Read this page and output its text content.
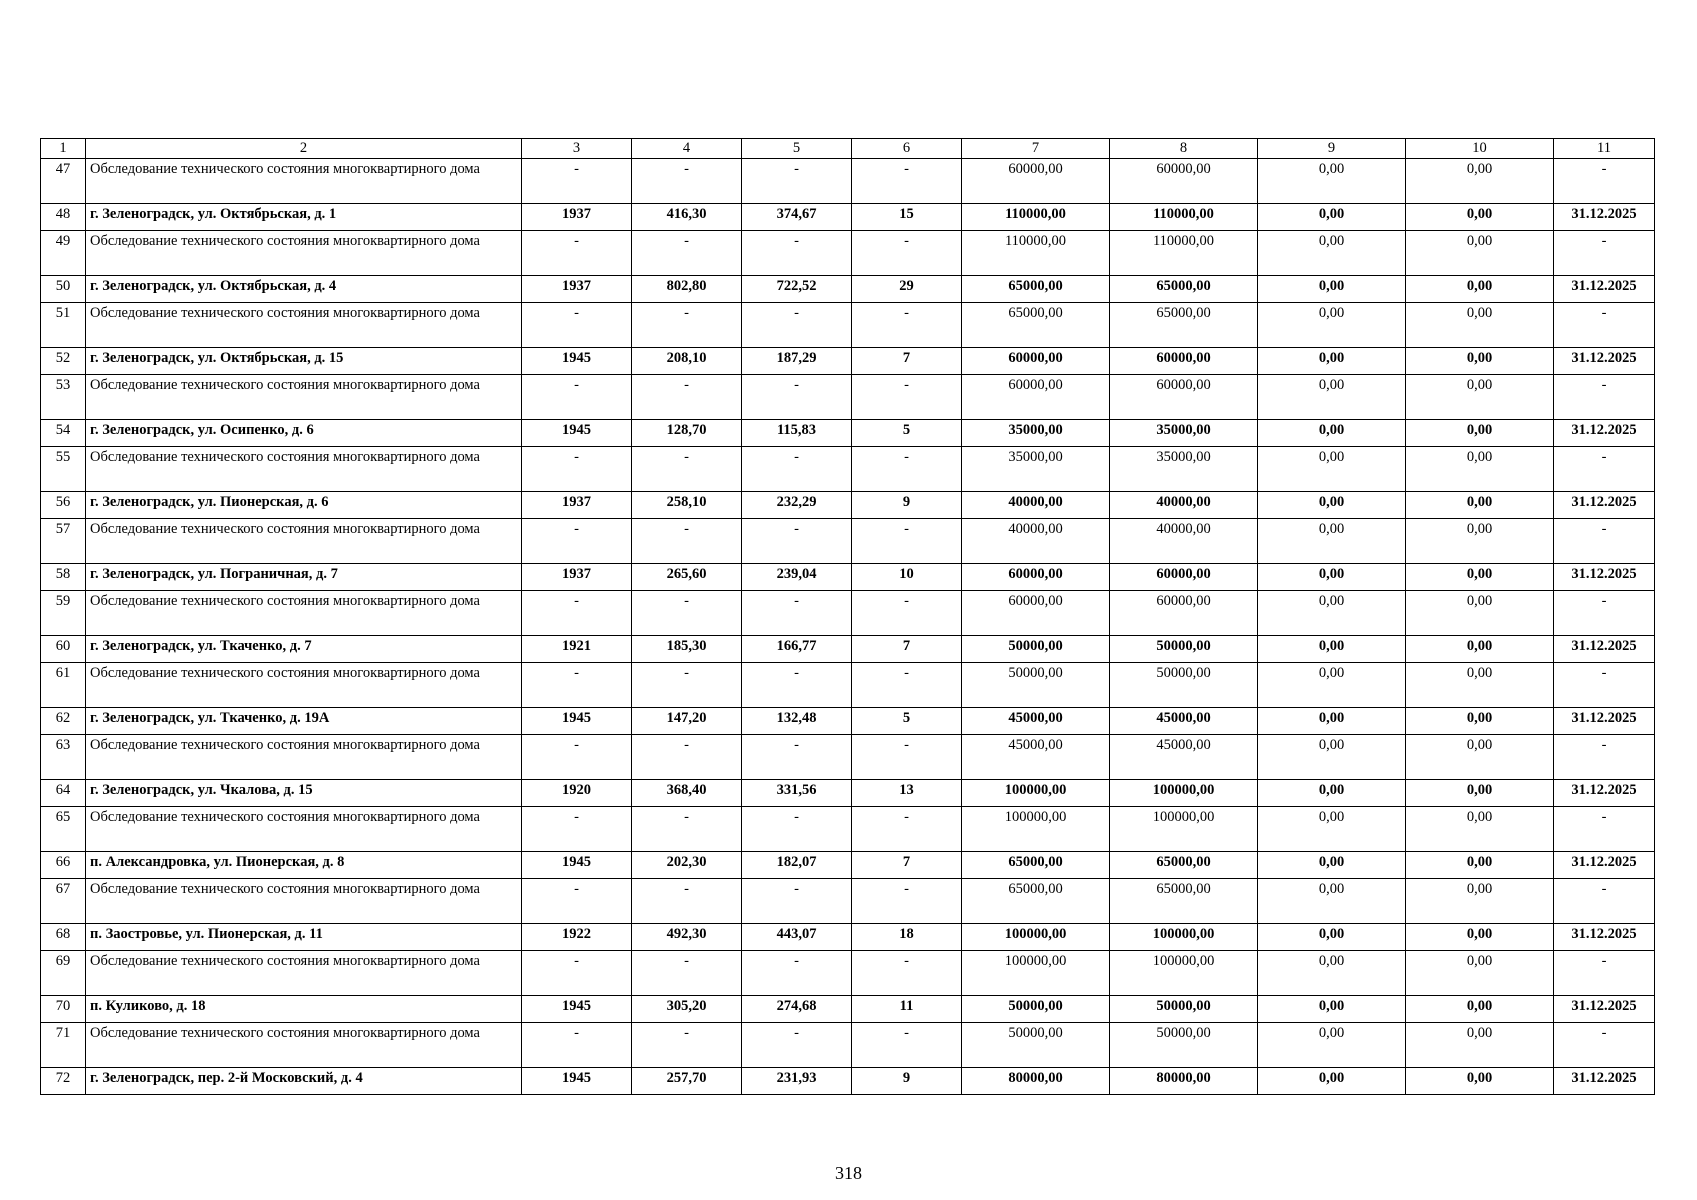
1	2	3	4	5	6	7	8	9	10	11
47	Обследование технического состояния многоквартирного дома	-	-	-	-	60000,00	60000,00	0,00	0,00	-
48	г. Зеленоградск, ул. Октябрьская, д. 1	1937	416,30	374,67	15	110000,00	110000,00	0,00	0,00	31.12.2025
49	Обследование технического состояния многоквартирного дома	-	-	-	-	110000,00	110000,00	0,00	0,00	-
50	г. Зеленоградск, ул. Октябрьская, д. 4	1937	802,80	722,52	29	65000,00	65000,00	0,00	0,00	31.12.2025
51	Обследование технического состояния многоквартирного дома	-	-	-	-	65000,00	65000,00	0,00	0,00	-
52	г. Зеленоградск, ул. Октябрьская, д. 15	1945	208,10	187,29	7	60000,00	60000,00	0,00	0,00	31.12.2025
53	Обследование технического состояния многоквартирного дома	-	-	-	-	60000,00	60000,00	0,00	0,00	-
54	г. Зеленоградск, ул. Осипенко, д. 6	1945	128,70	115,83	5	35000,00	35000,00	0,00	0,00	31.12.2025
55	Обследование технического состояния многоквартирного дома	-	-	-	-	35000,00	35000,00	0,00	0,00	-
56	г. Зеленоградск, ул. Пионерская, д. 6	1937	258,10	232,29	9	40000,00	40000,00	0,00	0,00	31.12.2025
57	Обследование технического состояния многоквартирного дома	-	-	-	-	40000,00	40000,00	0,00	0,00	-
58	г. Зеленоградск, ул. Пограничная, д. 7	1937	265,60	239,04	10	60000,00	60000,00	0,00	0,00	31.12.2025
59	Обследование технического состояния многоквартирного дома	-	-	-	-	60000,00	60000,00	0,00	0,00	-
60	г. Зеленоградск, ул. Ткаченко, д. 7	1921	185,30	166,77	7	50000,00	50000,00	0,00	0,00	31.12.2025
61	Обследование технического состояния многоквартирного дома	-	-	-	-	50000,00	50000,00	0,00	0,00	-
62	г. Зеленоградск, ул. Ткаченко, д. 19А	1945	147,20	132,48	5	45000,00	45000,00	0,00	0,00	31.12.2025
63	Обследование технического состояния многоквартирного дома	-	-	-	-	45000,00	45000,00	0,00	0,00	-
64	г. Зеленоградск, ул. Чкалова, д. 15	1920	368,40	331,56	13	100000,00	100000,00	0,00	0,00	31.12.2025
65	Обследование технического состояния многоквартирного дома	-	-	-	-	100000,00	100000,00	0,00	0,00	-
66	п. Александровка, ул. Пионерская, д. 8	1945	202,30	182,07	7	65000,00	65000,00	0,00	0,00	31.12.2025
67	Обследование технического состояния многоквартирного дома	-	-	-	-	65000,00	65000,00	0,00	0,00	-
68	п. Заостровье, ул. Пионерская, д. 11	1922	492,30	443,07	18	100000,00	100000,00	0,00	0,00	31.12.2025
69	Обследование технического состояния многоквартирного дома	-	-	-	-	100000,00	100000,00	0,00	0,00	-
70	п. Куликово, д. 18	1945	305,20	274,68	11	50000,00	50000,00	0,00	0,00	31.12.2025
71	Обследование технического состояния многоквартирного дома	-	-	-	-	50000,00	50000,00	0,00	0,00	-
72	г. Зеленоградск, пер. 2-й Московский, д. 4	1945	257,70	231,93	9	80000,00	80000,00	0,00	0,00	31.12.2025
318
